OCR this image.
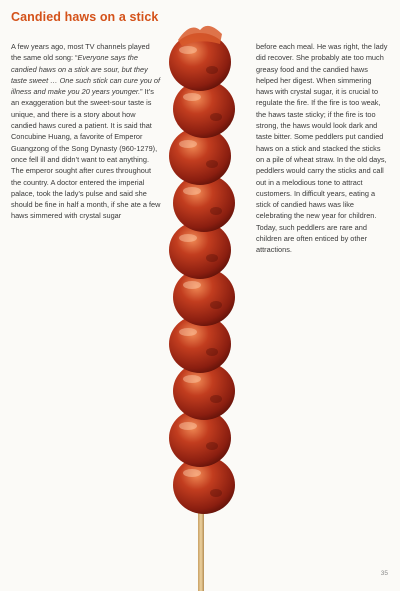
Candied haws on a stick

A few years ago, most TV channels played the same old song: “Everyone says the candied haws on a stick are sour, but they taste sweet … One such stick can cure you of illness and make you 20 years younger.” It’s an exaggeration but the sweet-sour taste is unique, and there is a story about how candied haws cured a patient. It is said that Concubine Huang, a favorite of Emperor Guangzong of the Song Dynasty (960-1279), once fell ill and didn’t want to eat anything. The emperor sought after cures throughout the country. A doctor entered the imperial palace, took the lady’s pulse and said she should be fine in half a month, if she ate a few haws simmered with crystal sugar

before each meal. He was right, the lady did recover. She probably ate too much greasy food and the candied haws helped her digest. When simmering haws with crystal sugar, it is crucial to regulate the fire. If the fire is too weak, the haws taste sticky; if the fire is too strong, the haws would look dark and taste bitter. Some peddlers put candied haws on a stick and stacked the sticks on a pile of wheat straw. In the old days, peddlers would carry the sticks and call out in a melodious tone to attract customers. In difficult years, eating a stick of candied haws was like celebrating the new year for children. Today, such peddlers are rare and children are often enticed by other attractions.

35
